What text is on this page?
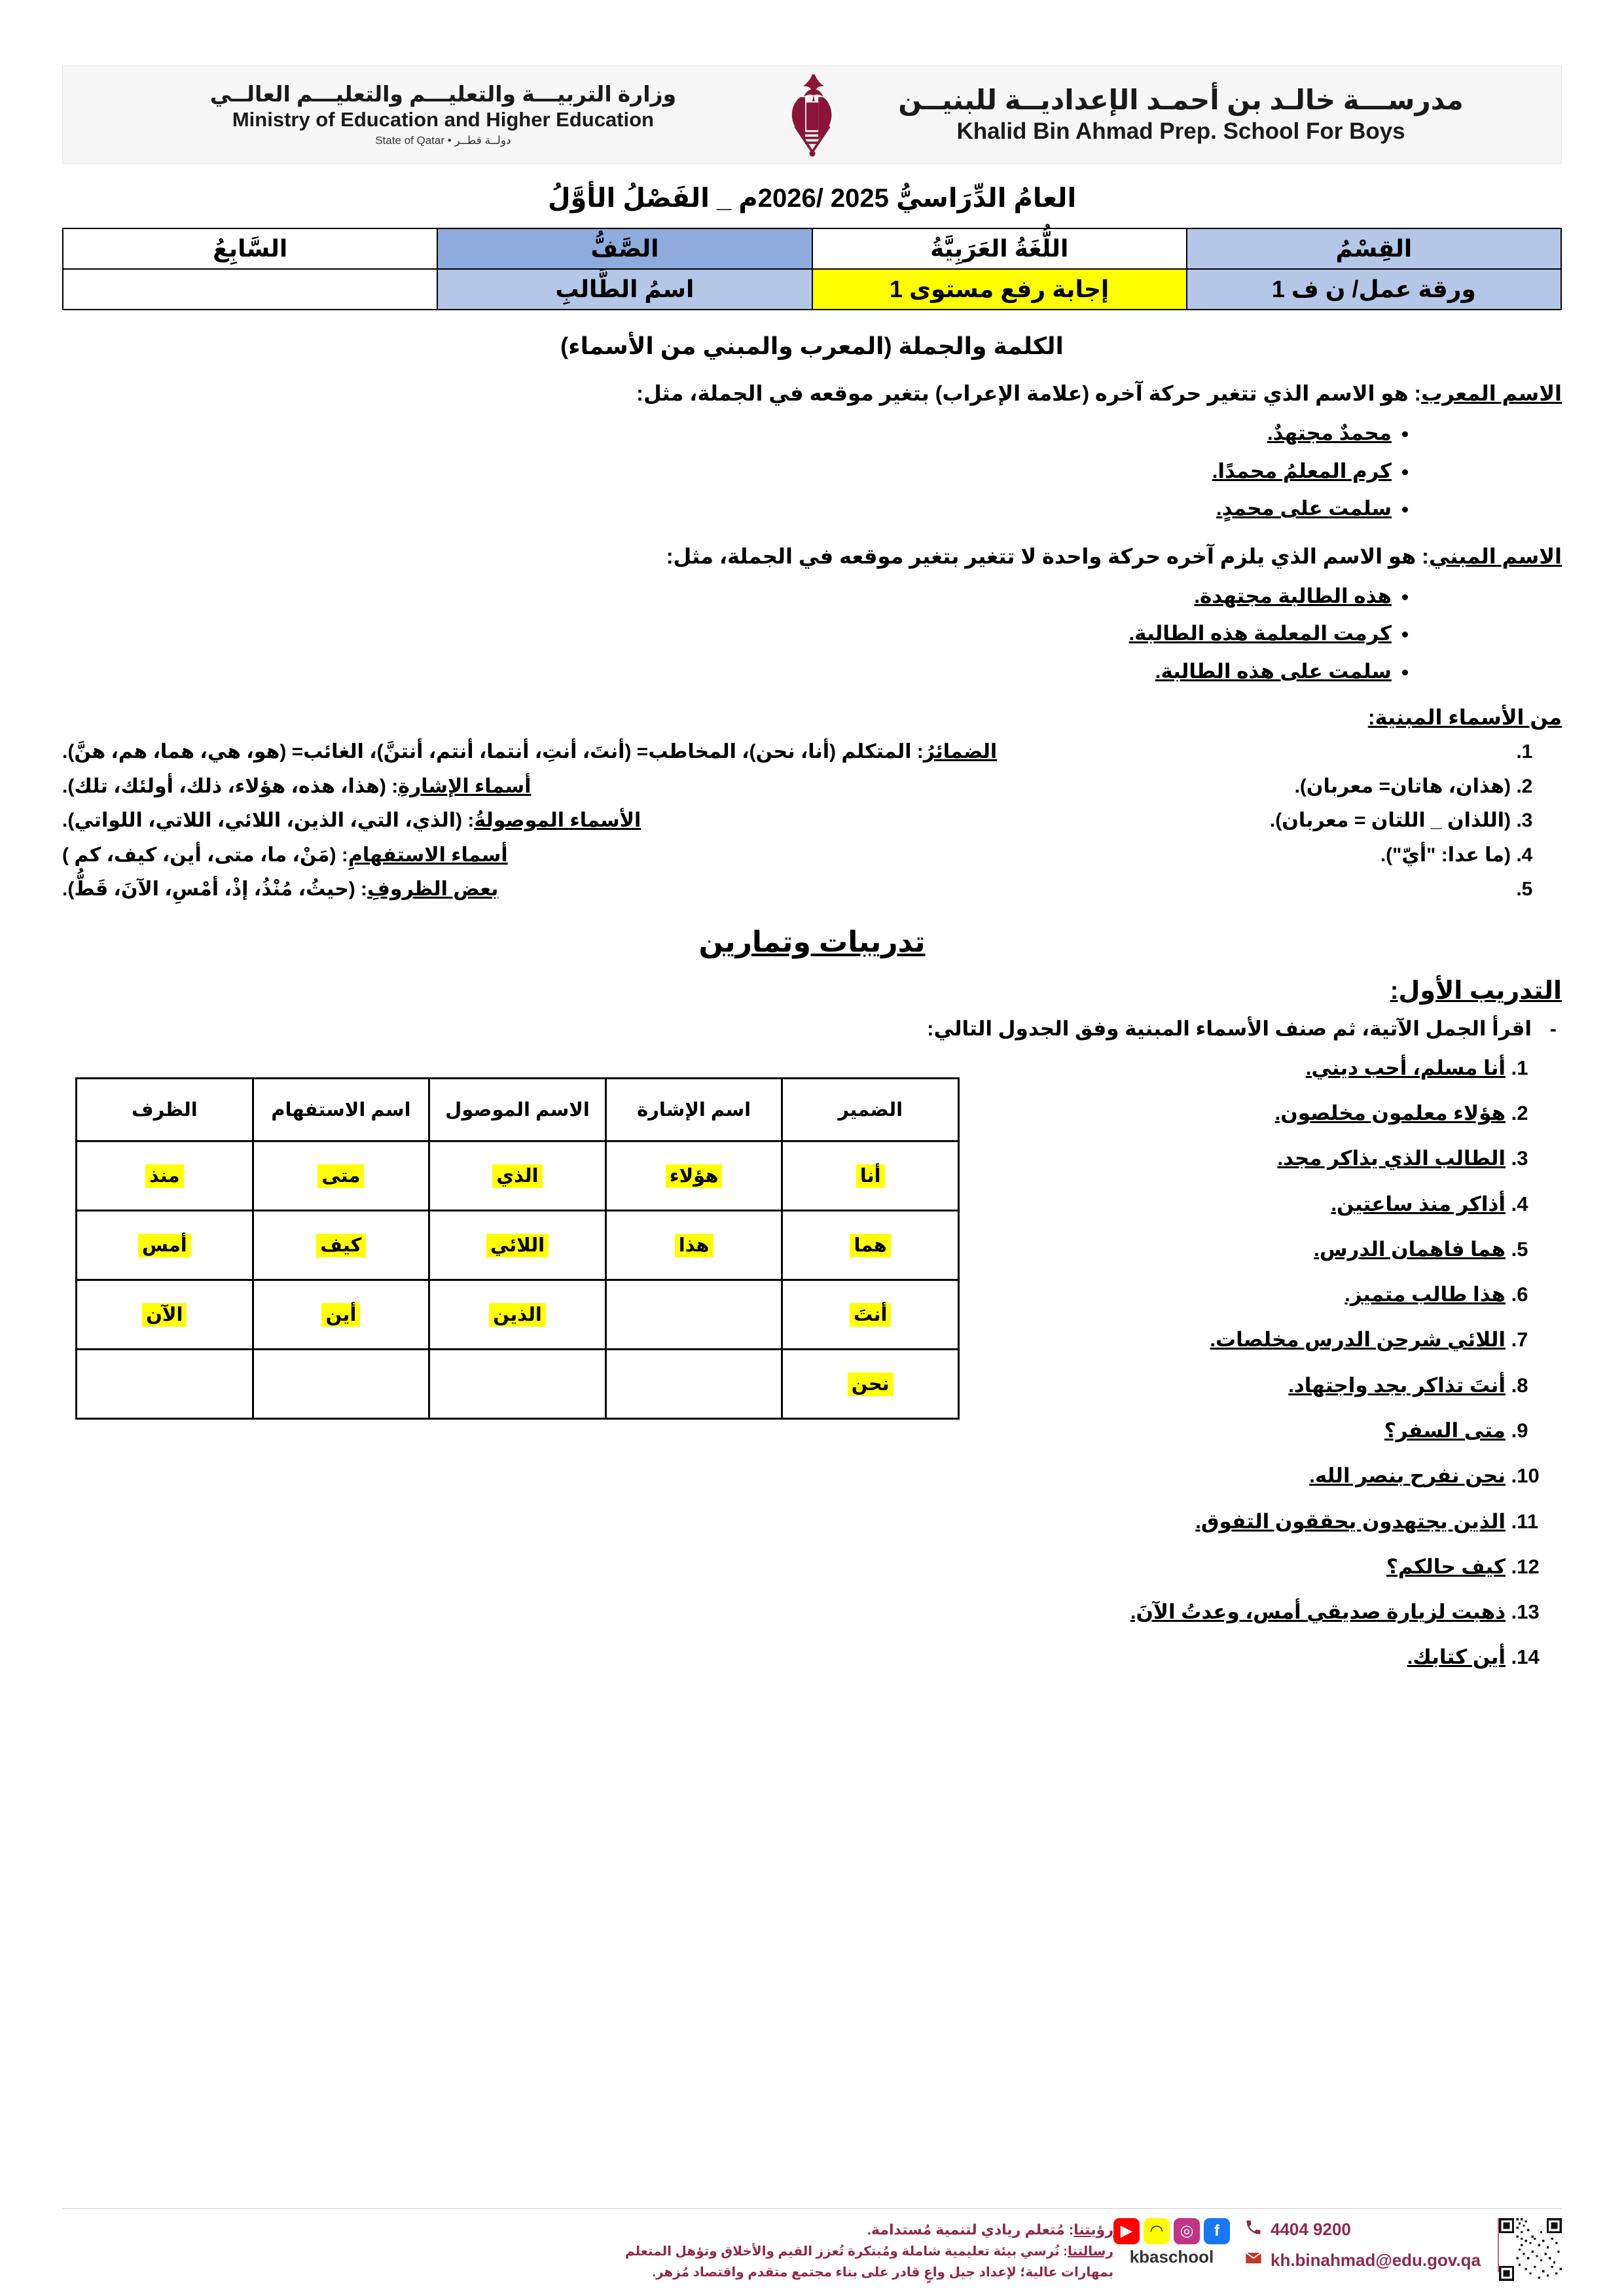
مدرســـة خالـد بن أحمـد الإعداديــة للبنيــن
Khalid Bin Ahmad Prep. School For Boys
وزارة التربيـــة والتعليـــم والتعليـــم العالــي
Ministry of Education and Higher Education
دولــة قطــر • State of Qatar
العامُ الدِّرَاسيُّ 2025 /2026م _ الفَصْلُ الأوَّلُ
القِسْمُ	اللُّغَةُ العَرَبِيَّةُ	الصَّفُّ	السَّابِعُ
ورقة عمل/ ن ف 1	إجابة رفع مستوى 1	اسمُ الطَّالبِ	
الكلمة والجملة (المعرب والمبني من الأسماء)
الاسم المعرب: هو الاسم الذي تتغير حركة آخره (علامة الإعراب) بتغير موقعه في الجملة، مثل:
• محمدٌ مجتهدٌ.
• كرم المعلمُ محمدًا.
• سلمت على محمدٍ.
الاسم المبني: هو الاسم الذي يلزم آخره حركة واحدة لا تتغير بتغير موقعه في الجملة، مثل:
• هذه الطالبة مجتهدة.
• كرمت المعلمة هذه الطالبة.
• سلمت على هذه الطالبة.
من الأسماء المبنية:
1. الضمائرُ: المتكلم (أنا، نحن)، المخاطب= (أنتَ، أنتِ، أنتما، أنتم، أنتنَّ)، الغائب= (هو، هي، هما، هم، هنَّ).
2. (هذان، هاتان= معربان).
أسماء الإشارةِ: (هذا، هذه، هؤلاء، ذلك، أولئك، تلك).
3. (اللذان _ اللتان = معربان).
الأسماء الموصولةُ: (الذي، التي، الذين، اللائي، اللاتي، اللواتي).
4. (ما عدا: "أيّ").
أسماء الاستفهامِ: (مَنْ، ما، متى، أين، كيف، كم )
5. بعض الظروفِ: (حيثُ، مُنْذُ، إذْ، أمْسِ، الآنَ، قَطُّ).
تدريبات وتمارين
التدريب الأول:
- اقرأ الجمل الآتية، ثم صنف الأسماء المبنية وفق الجدول التالي:
1. أنا مسلم، أحب ديني.
2. هؤلاء معلمون مخلصون.
3. الطالب الذي يذاكر مجد.
4. أذاكر منذ ساعتين.
5. هما فاهمان الدرس.
6. هذا طالب متميز.
7. اللائي شرحن الدرس مخلصات.
8. أنتَ تذاكر بجد واجتهاد.
9. متى السفر؟
10. نحن نفرح بنصر الله.
11. الذين يجتهدون يحققون التفوق.
12. كيف حالكم؟
13. ذهبت لزيارة صديقي أمس، وعدتُ الآنَ.
14. أين كتابك.
الضمير	اسم الإشارة	الاسم الموصول	اسم الاستفهام	الظرف
أنا	هؤلاء	الذي	متى	منذ
هما	هذا	اللائي	كيف	أمس
أنتَ		الذين	أين	الآن
نحن				
4404 9200
kh.binahmad@edu.gov.qa
f
◎
◠
▶
kbaschool
رؤيتنا: مُتعلم ريادي لتنمية مُستدامة.
رسالتنا: نُرسي بيئة تعليمية شاملة ومُبتكرة تُعزز القيم والأخلاق وتؤهل المتعلم
بمهارات عالية؛ لإعداد جيل واعٍ قادر على بناء مجتمع متقدم واقتصاد مُزهر.
